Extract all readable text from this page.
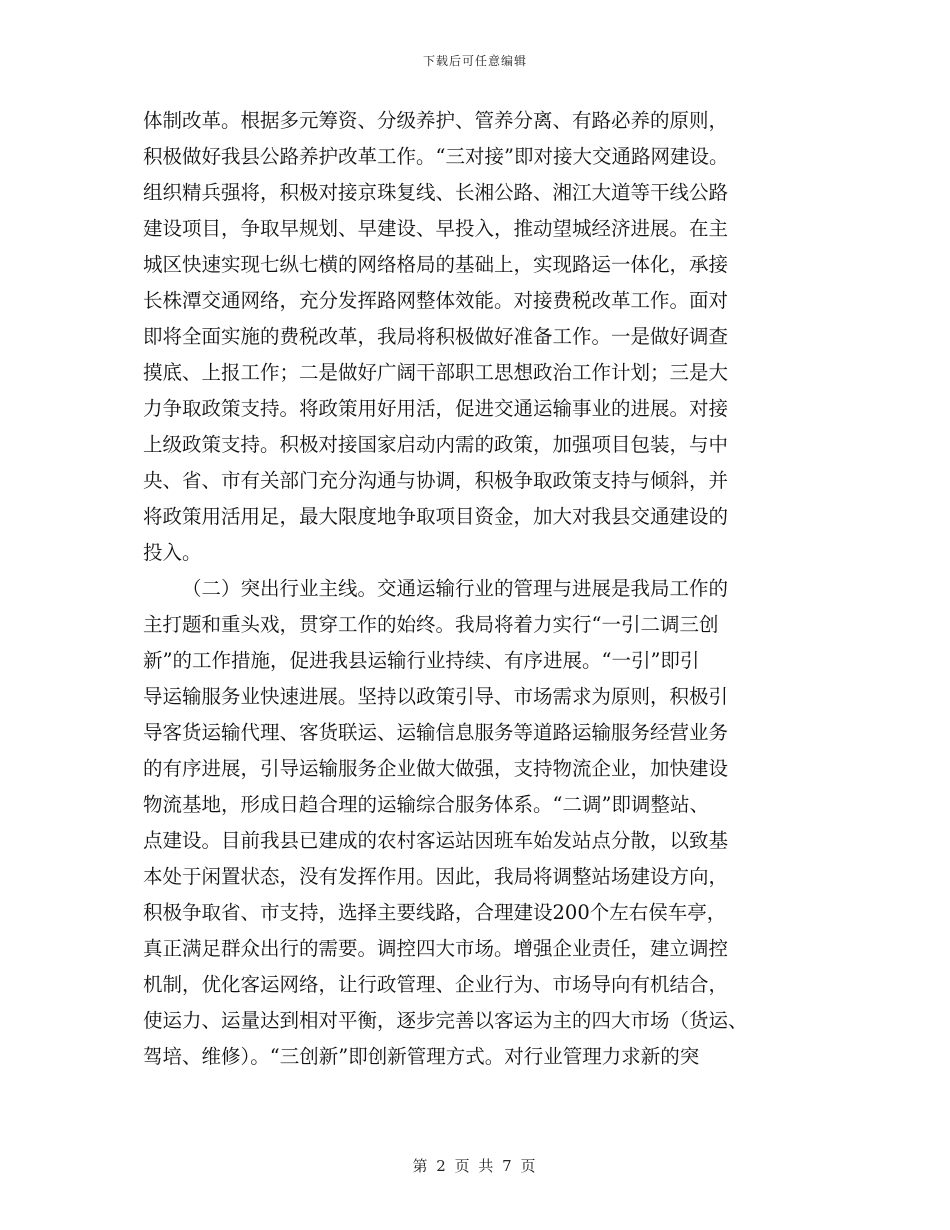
下载后可任意编辑
体制改革。根据多元筹资、分级养护、管养分离、有路必养的原则，
积极做好我县公路养护改革工作。“三对接”即对接大交通路网建设。
组织精兵强将，积极对接京珠复线、长湘公路、湘江大道等干线公路
建设项目，争取早规划、早建设、早投入，推动望城经济进展。在主
城区快速实现七纵七横的网络格局的基础上，实现路运一体化，承接
长株潭交通网络，充分发挥路网整体效能。对接费税改革工作。面对
即将全面实施的费税改革，我局将积极做好准备工作。一是做好调查
摸底、上报工作；二是做好广阔干部职工思想政治工作计划；三是大
力争取政策支持。将政策用好用活，促进交通运输事业的进展。对接
上级政策支持。积极对接国家启动内需的政策，加强项目包装，与中
央、省、市有关部门充分沟通与协调，积极争取政策支持与倾斜，并
将政策用活用足，最大限度地争取项目资金，加大对我县交通建设的
投入。
（二）突出行业主线。交通运输行业的管理与进展是我局工作的
主打题和重头戏，贯穿工作的始终。我局将着力实行“一引二调三创
新”的工作措施，促进我县运输行业持续、有序进展。“一引”即引
导运输服务业快速进展。坚持以政策引导、市场需求为原则，积极引
导客货运输代理、客货联运、运输信息服务等道路运输服务经营业务
的有序进展，引导运输服务企业做大做强，支持物流企业，加快建设
物流基地，形成日趋合理的运输综合服务体系。“二调”即调整站、
点建设。目前我县已建成的农村客运站因班车始发站点分散，以致基
本处于闲置状态，没有发挥作用。因此，我局将调整站场建设方向，
积极争取省、市支持，选择主要线路，合理建设200个左右侯车亭，
真正满足群众出行的需要。调控四大市场。增强企业责任，建立调控
机制，优化客运网络，让行政管理、企业行为、市场导向有机结合，
使运力、运量达到相对平衡，逐步完善以客运为主的四大市场（货运、
驾培、维修）。“三创新”即创新管理方式。对行业管理力求新的突
第 2 页 共 7 页
